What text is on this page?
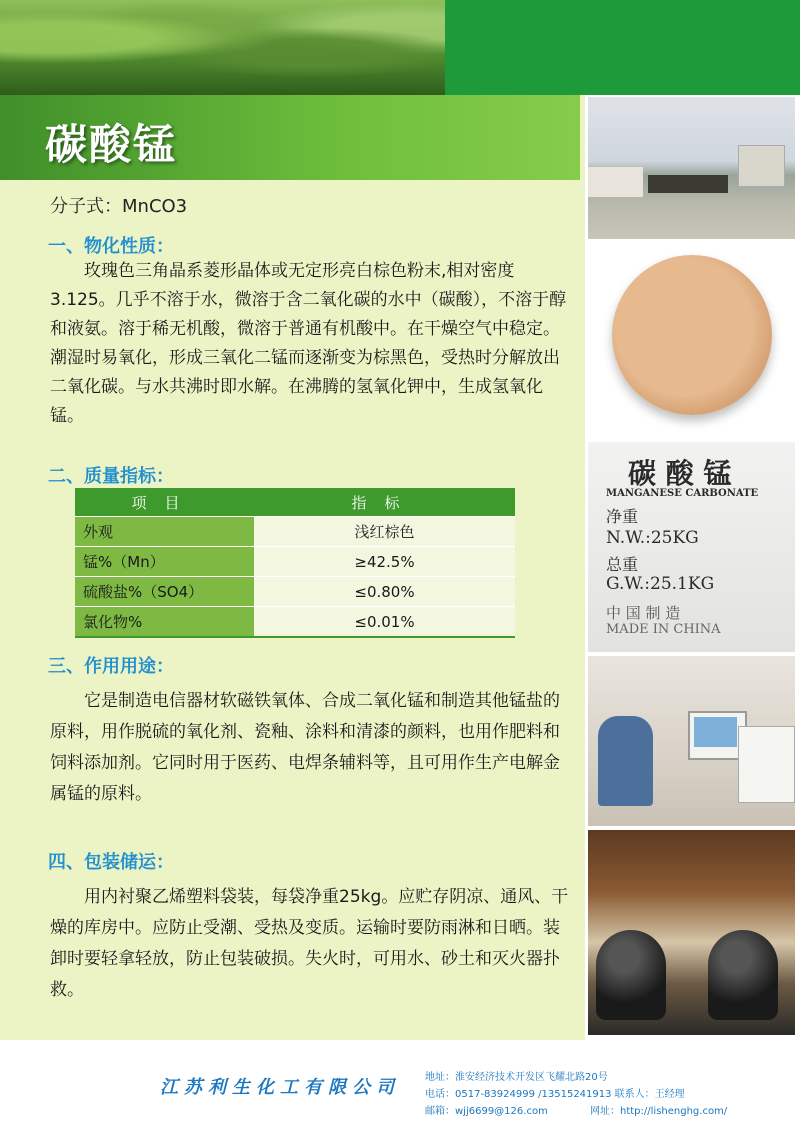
碳酸锰
分子式：MnCO3
一、物化性质：

玫瑰色三角晶系菱形晶体或无定形亮白棕色粉末,相对密度3.125。几乎不溶于水，微溶于含二氧化碳的水中（碳酸），不溶于醇和液氨。溶于稀无机酸，微溶于普通有机酸中。在干燥空气中稳定。潮湿时易氧化，形成三氧化二锰而逐渐变为棕黑色，受热时分解放出二氧化碳。与水共沸时即水解。在沸腾的氢氧化钾中，生成氢氧化锰。

二、质量指标：
项目	指标
外观	浅红棕色
锰%（Mn）	≥42.5%
硫酸盐%（SO4）	≤0.80%
氯化物%	≤0.01%
三、作用用途：

它是制造电信器材软磁铁氧体、合成二氧化锰和制造其他锰盐的原料，用作脱硫的氧化剂、瓷釉、涂料和清漆的颜料，也用作肥料和饲料添加剂。它同时用于医药、电焊条辅料等，且可用作生产电解金属锰的原料。

四、包装储运：

用内衬聚乙烯塑料袋装，每袋净重25kg。应贮存阴凉、通风、干燥的库房中。应防止受潮、受热及变质。运输时要防雨淋和日晒。装卸时要轻拿轻放，防止包装破损。失火时，可用水、砂土和灭火器扑救。

碳 酸 锰
MANGANESE CARBONATE
净重
N.W.:25KG
总重
G.W.:25.1KG
中 国 制 造
MADE IN CHINA
江苏利生化工有限公司	地址：淮安经济技术开发区飞耀北路20号
电话：0517-83924999 /13515241913 联系人：王经理
邮箱：wjj6699@126.com	网址：http://lishenghg.com/
